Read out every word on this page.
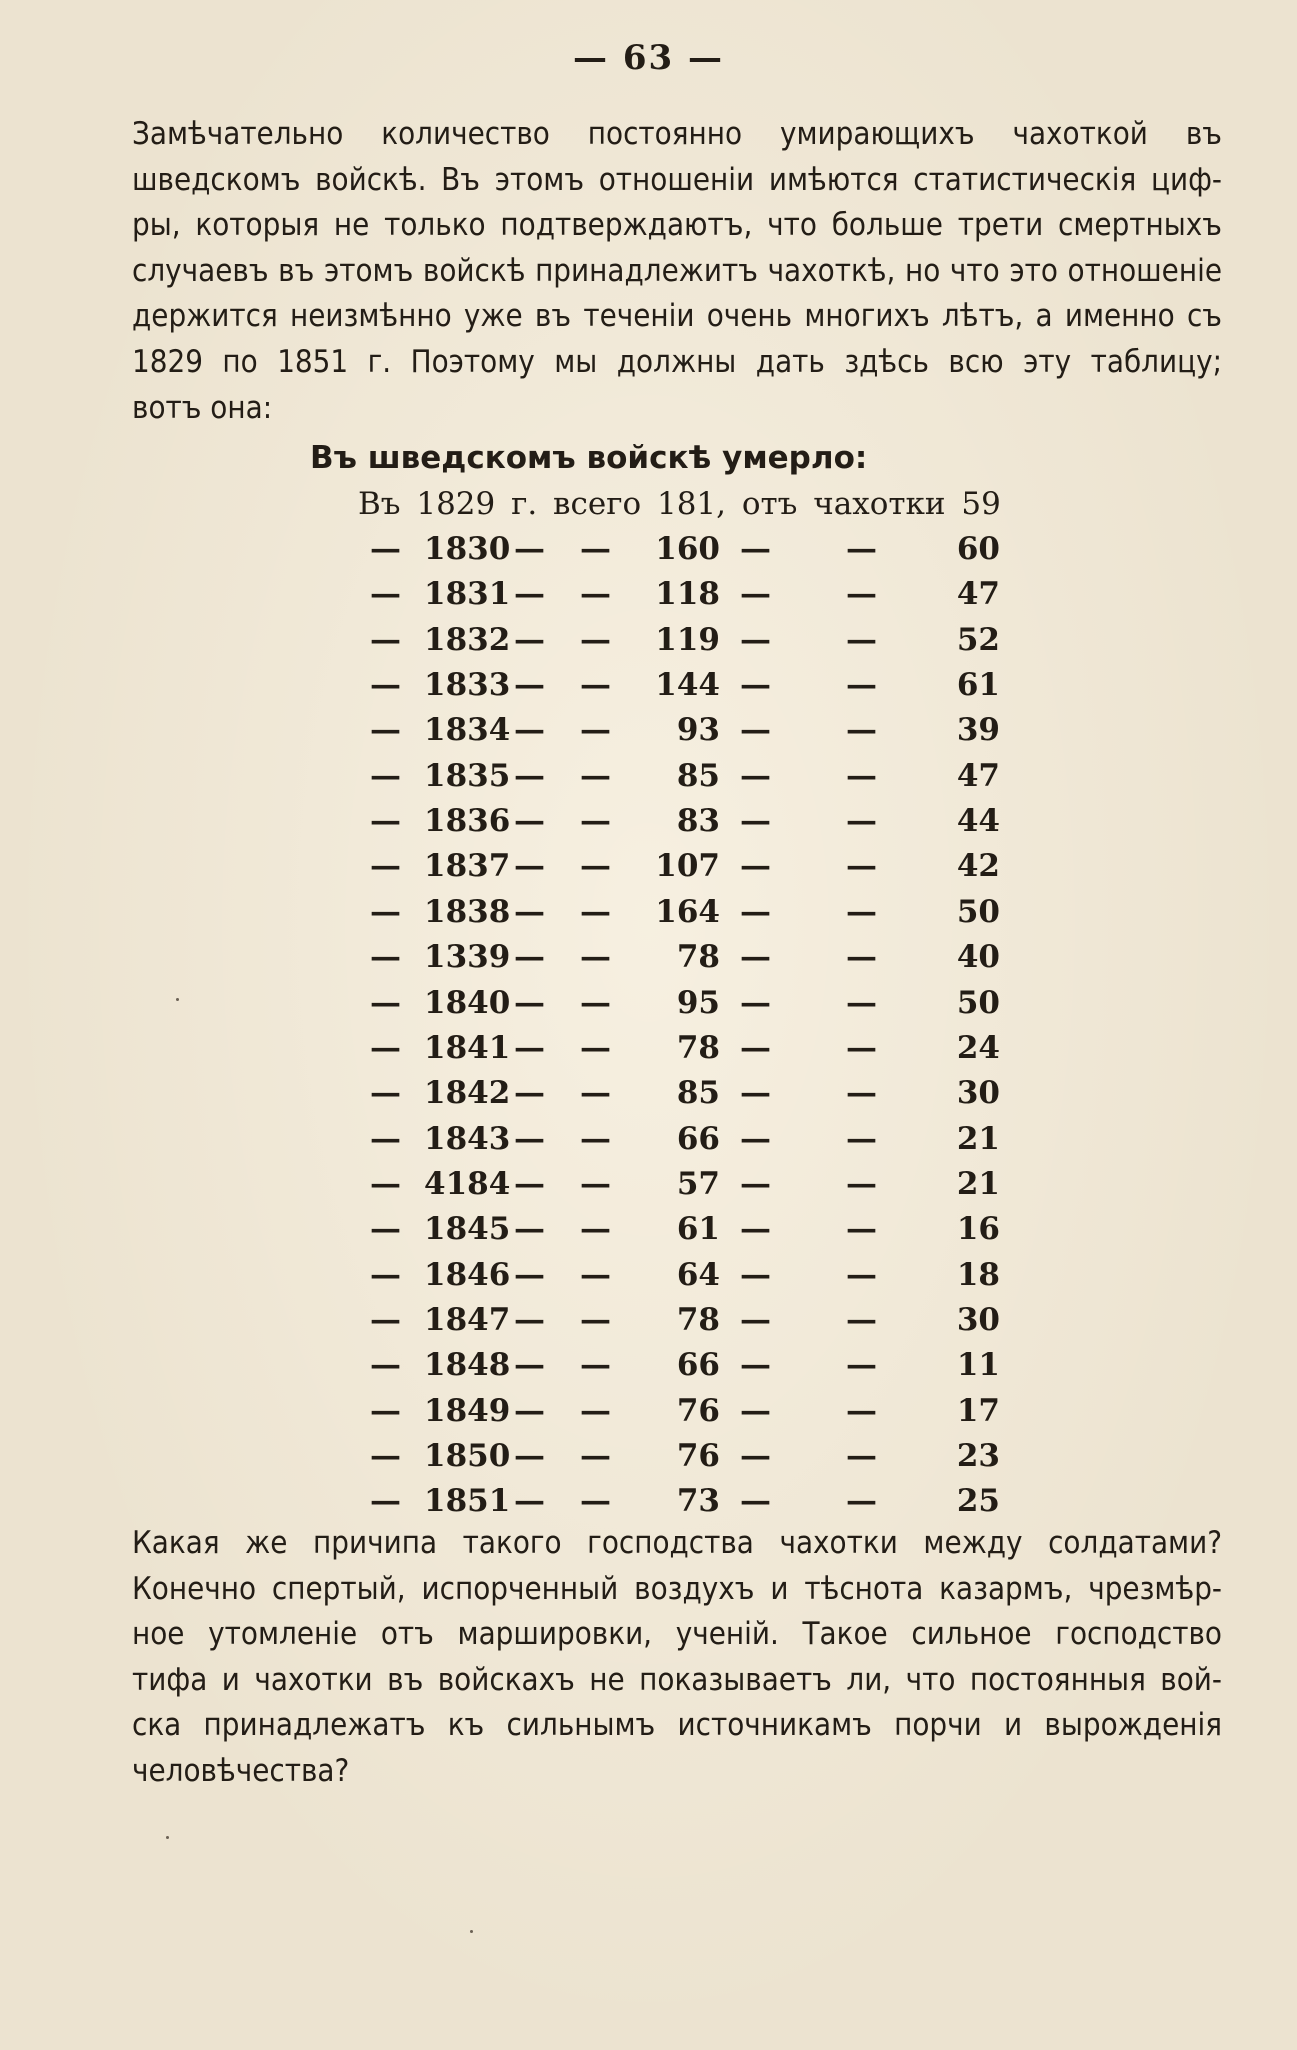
— 63 —
Замѣчательно количество постоянно умирающихъ чахоткой въ
шведскомъ войскѣ. Въ этомъ отношеніи имѣются статистическія циф-
ры, которыя не только подтверждаютъ, что больше трети смертныхъ
случаевъ въ этомъ войскѣ принадлежитъ чахоткѣ, но что это отношеніе
держится неизмѣнно уже въ теченіи очень многихъ лѣтъ, а именно съ
1829 по 1851 г. Поэтому мы должны дать здѣсь всю эту таблицу;
вотъ она:
Въ шведскомъ войскѣ умерло:
Въ 1829 г. всего 181, отъ чахотки 59
— 1830 — —	160 — —	60
— 1831 — —	118 — —	47
— 1832 — —	119 — —	52
— 1833 — —	144 — —	61
— 1834 — —	93 — —	39
— 1835 — —	85 — —	47
— 1836 — —	83 — —	44
— 1837 — —	107 — —	42
— 1838 — —	164 — —	50
— 1339 — —	78 — —	40
— 1840 — —	95 — —	50
— 1841 — —	78 — —	24
— 1842 — —	85 — —	30
— 1843 — —	66 — —	21
— 4184 — —	57 — —	21
— 1845 — —	61 — —	16
— 1846 — —	64 — —	18
— 1847 — —	78 — —	30
— 1848 — —	66 — —	11
— 1849 — —	76 — —	17
— 1850 — —	76 — —	23
— 1851 — —	73 — —	25
Какая же причипа такого господства чахотки между солдатами?
Конечно спертый, испорченный воздухъ и тѣснота казармъ, чрезмѣр-
ное утомленіе отъ маршировки, ученій. Такое сильное господство
тифа и чахотки въ войскахъ не показываетъ ли, что постоянныя вой-
ска принадлежатъ къ сильнымъ источникамъ порчи и вырожденія
человѣчества?
